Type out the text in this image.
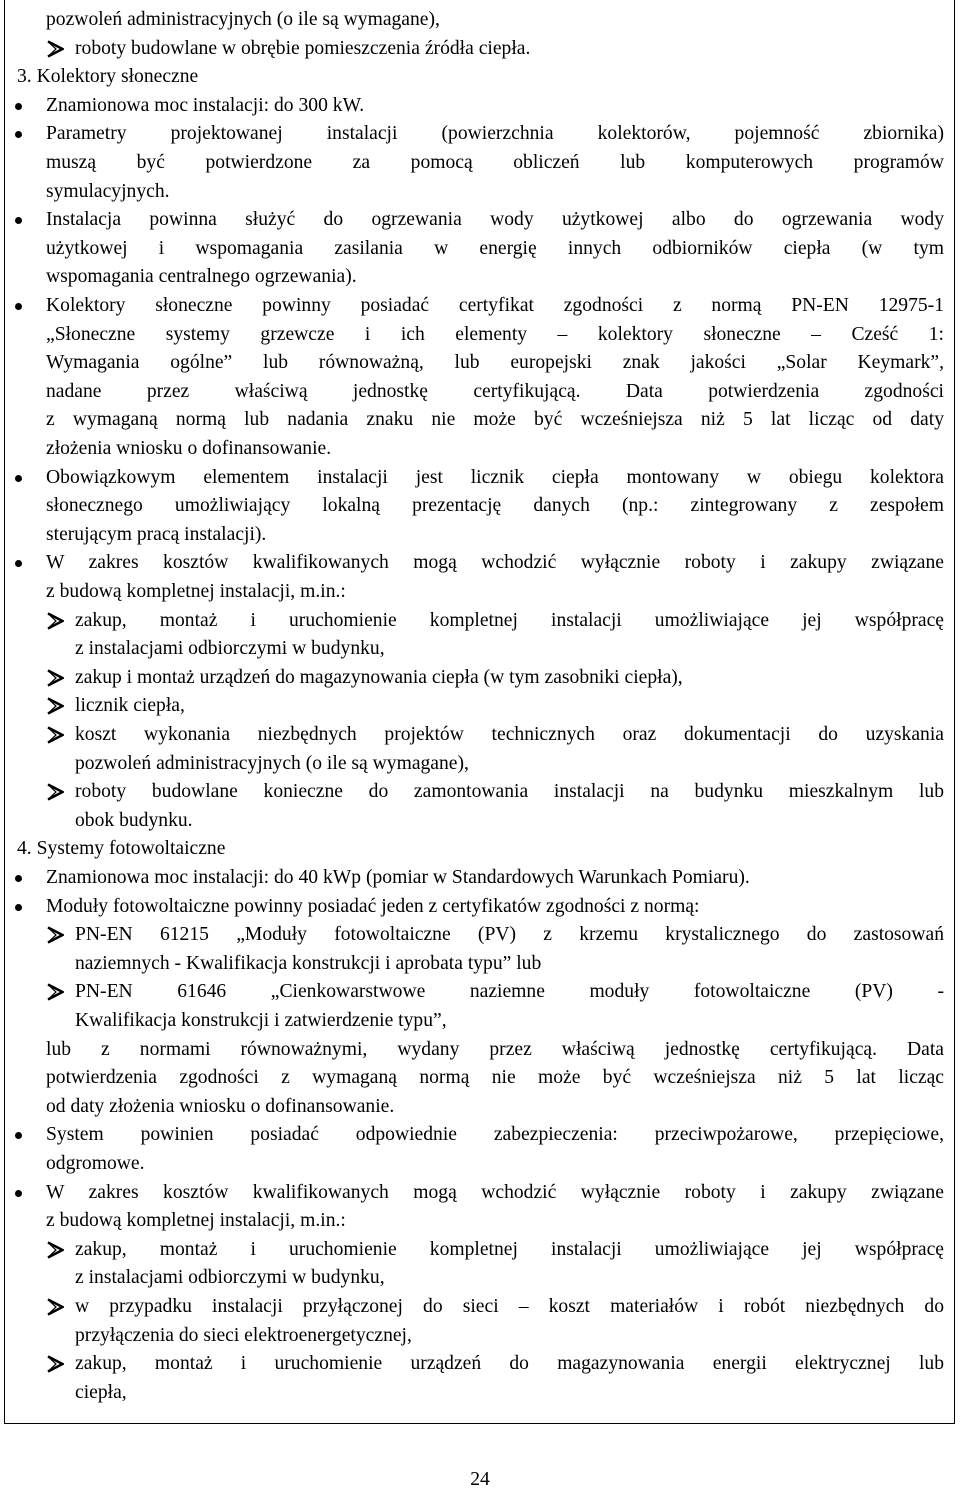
pozwoleń administracyjnych (o ile są wymagane),
roboty budowlane w obrębie pomieszczenia źródła ciepła.
3. Kolektory słoneczne
Znamionowa moc instalacji: do 300 kW.
Parametry projektowanej instalacji (powierzchnia kolektorów, pojemność zbiornika)
muszą być potwierdzone za pomocą obliczeń lub komputerowych programów
symulacyjnych.
Instalacja powinna służyć do ogrzewania wody użytkowej albo do ogrzewania wody
użytkowej i wspomagania zasilania w energię innych odbiorników ciepła (w tym
wspomagania centralnego ogrzewania).
Kolektory słoneczne powinny posiadać certyfikat zgodności z normą PN-EN 12975-1
„Słoneczne systemy grzewcze i ich elementy – kolektory słoneczne – Cześć 1:
Wymagania ogólne” lub równoważną, lub europejski znak jakości „Solar Keymark”,
nadane przez właściwą jednostkę certyfikującą. Data potwierdzenia zgodności
z wymaganą normą lub nadania znaku nie może być wcześniejsza niż 5 lat licząc od daty
złożenia wniosku o dofinansowanie.
Obowiązkowym elementem instalacji jest licznik ciepła montowany w obiegu kolektora
słonecznego umożliwiający lokalną prezentację danych (np.: zintegrowany z zespołem
sterującym pracą instalacji).
W zakres kosztów kwalifikowanych mogą wchodzić wyłącznie roboty i zakupy związane
z budową kompletnej instalacji, m.in.:
zakup, montaż i uruchomienie kompletnej instalacji umożliwiające jej współpracę
z instalacjami odbiorczymi w budynku,
zakup i montaż urządzeń do magazynowania ciepła (w tym zasobniki ciepła),
licznik ciepła,
koszt wykonania niezbędnych projektów technicznych oraz dokumentacji do uzyskania
pozwoleń administracyjnych (o ile są wymagane),
roboty budowlane konieczne do zamontowania instalacji na budynku mieszkalnym lub
obok budynku.
4. Systemy fotowoltaiczne
Znamionowa moc instalacji: do 40 kWp (pomiar w Standardowych Warunkach Pomiaru).
Moduły fotowoltaiczne powinny posiadać jeden z certyfikatów zgodności z normą:
PN-EN 61215 „Moduły fotowoltaiczne (PV) z krzemu krystalicznego do zastosowań
naziemnych - Kwalifikacja konstrukcji i aprobata typu” lub
PN-EN 61646 „Cienkowarstwowe naziemne moduły fotowoltaiczne (PV) -
Kwalifikacja konstrukcji i zatwierdzenie typu”,
lub z normami równoważnymi, wydany przez właściwą jednostkę certyfikującą. Data
potwierdzenia zgodności z wymaganą normą nie może być wcześniejsza niż 5 lat licząc
od daty złożenia wniosku o dofinansowanie.
System powinien posiadać odpowiednie zabezpieczenia: przeciwpożarowe, przepięciowe,
odgromowe.
W zakres kosztów kwalifikowanych mogą wchodzić wyłącznie roboty i zakupy związane
z budową kompletnej instalacji, m.in.:
zakup, montaż i uruchomienie kompletnej instalacji umożliwiające jej współpracę
z instalacjami odbiorczymi w budynku,
w przypadku instalacji przyłączonej do sieci – koszt materiałów i robót niezbędnych do
przyłączenia do sieci elektroenergetycznej,
zakup, montaż i uruchomienie urządzeń do magazynowania energii elektrycznej lub
ciepła,
24
